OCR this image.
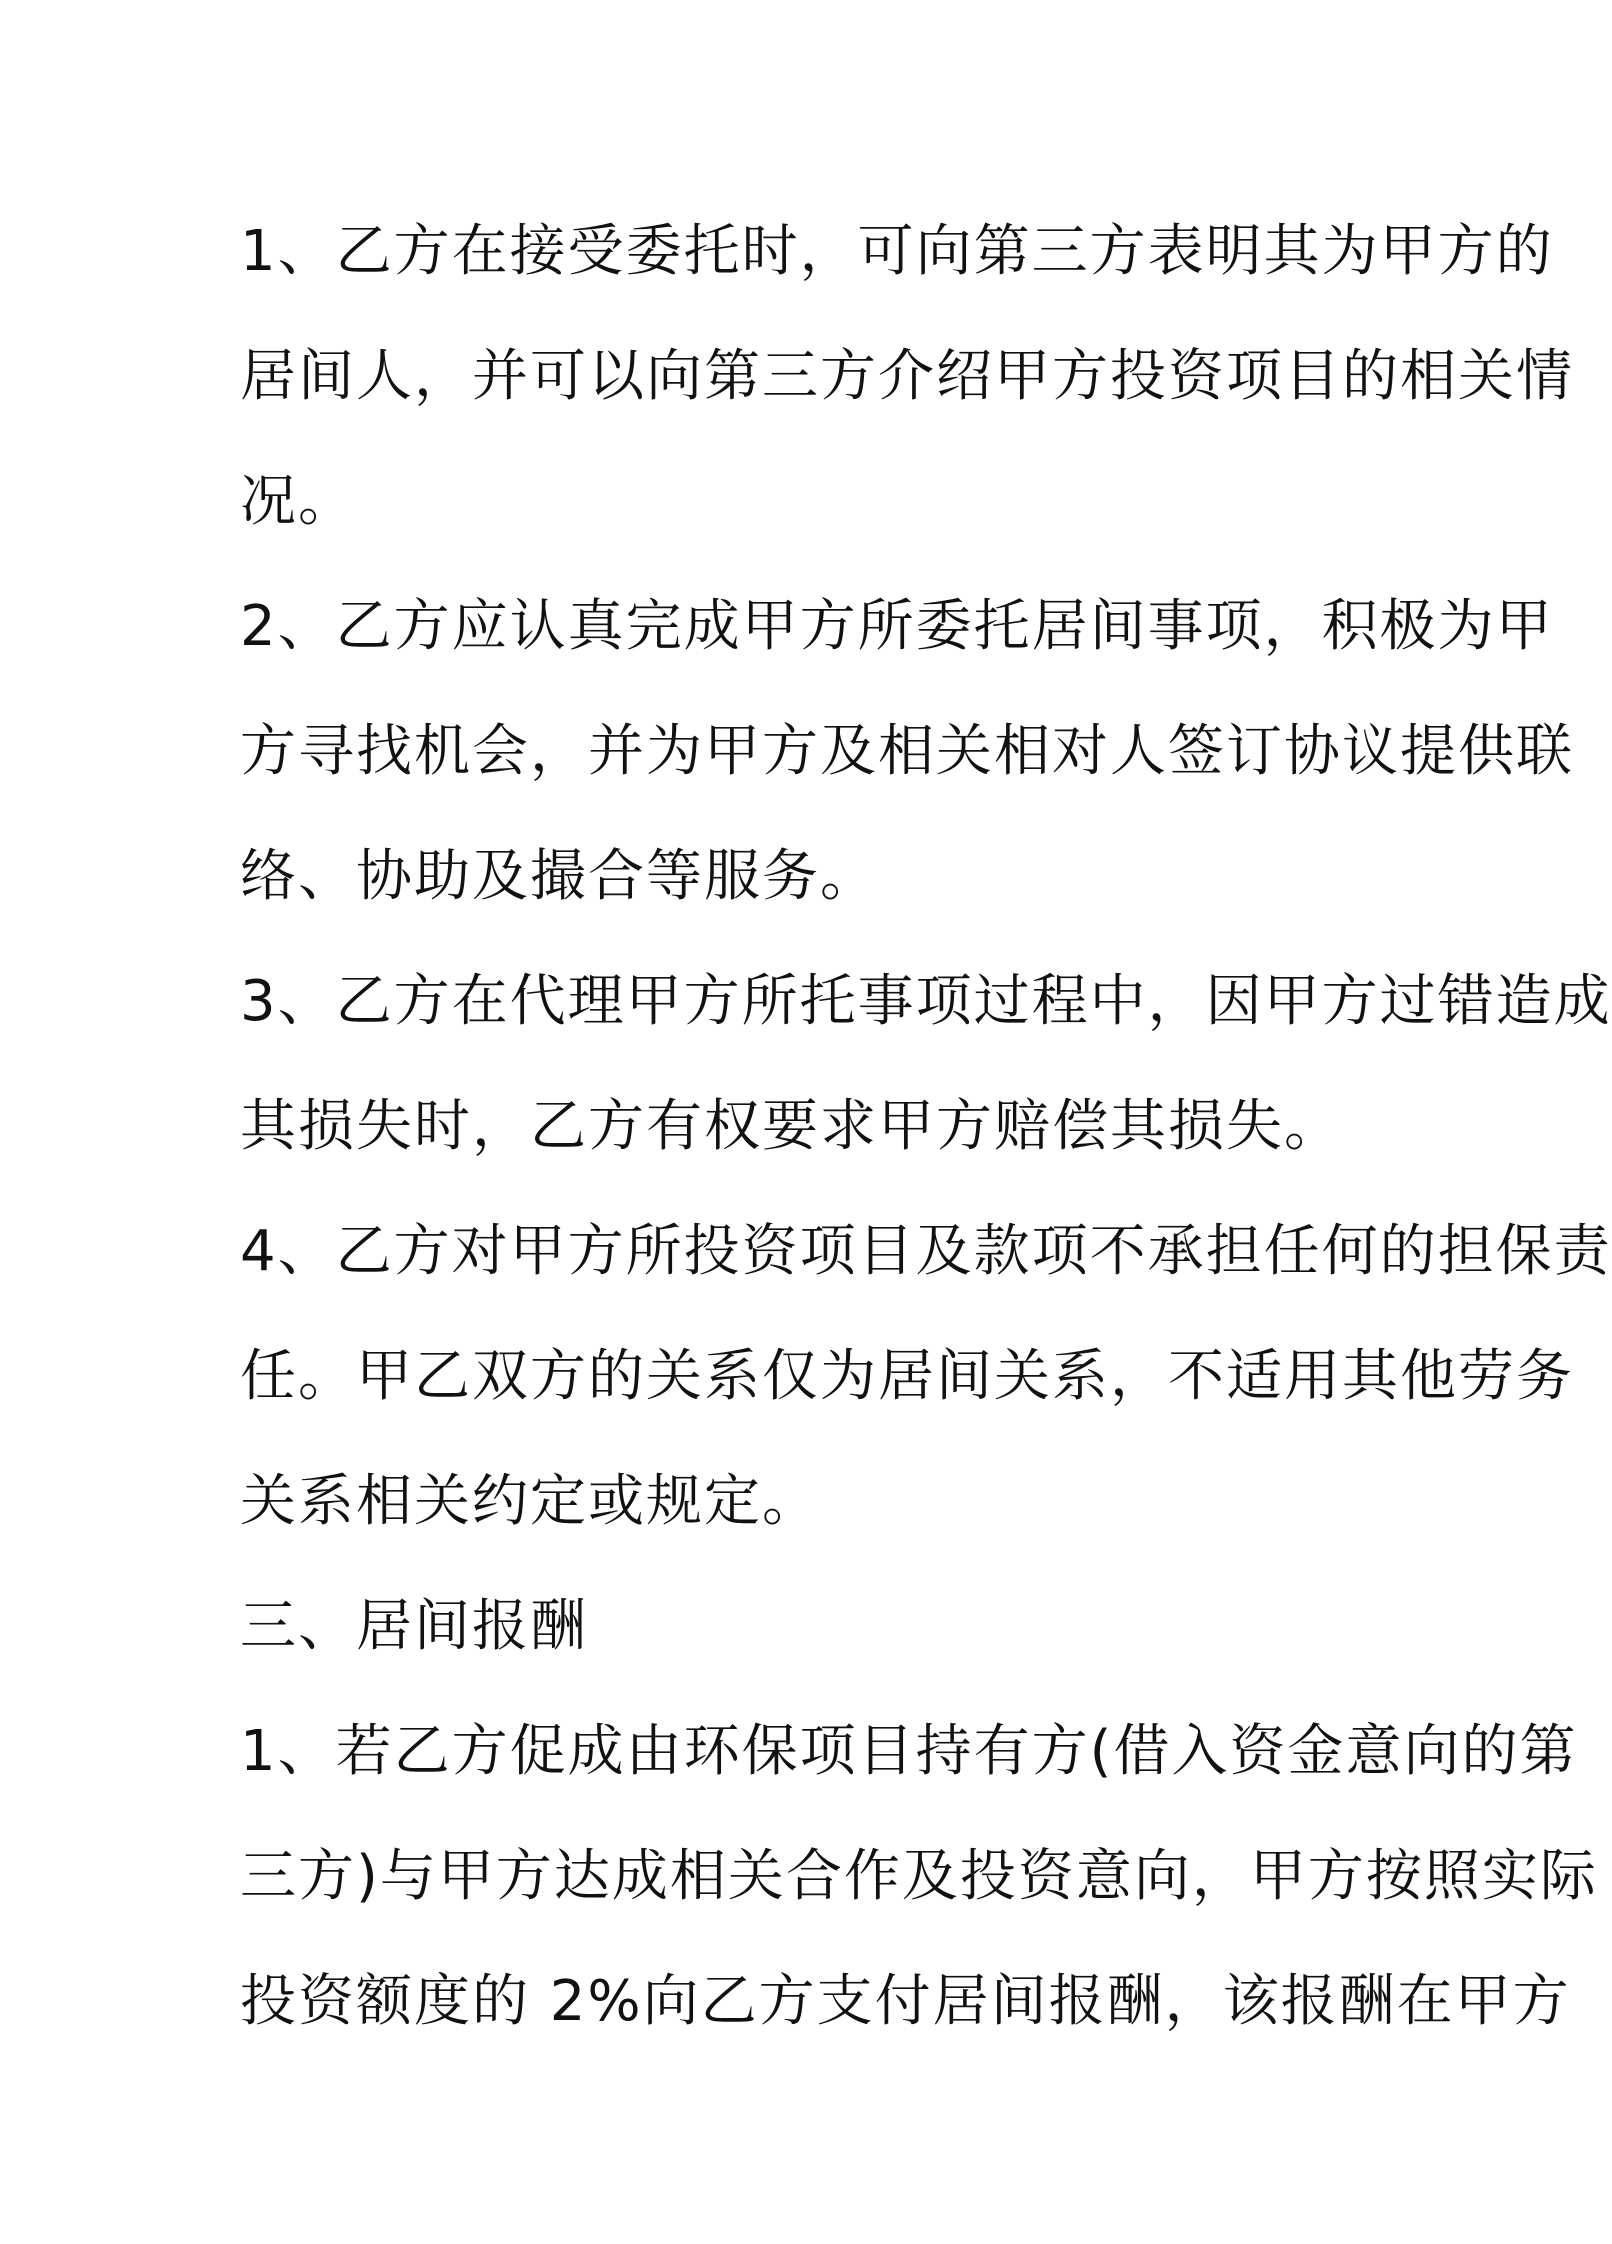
1、乙方在接受委托时，可向第三方表明其为甲方的
居间人，并可以向第三方介绍甲方投资项目的相关情
况。
2、乙方应认真完成甲方所委托居间事项，积极为甲
方寻找机会，并为甲方及相关相对人签订协议提供联
络、协助及撮合等服务。
3、乙方在代理甲方所托事项过程中，因甲方过错造成
其损失时，乙方有权要求甲方赔偿其损失。
4、乙方对甲方所投资项目及款项不承担任何的担保责
任。甲乙双方的关系仅为居间关系，不适用其他劳务
关系相关约定或规定。
三、居间报酬
1、若乙方促成由环保项目持有方(借入资金意向的第
三方)与甲方达成相关合作及投资意向，甲方按照实际
投资额度的 2%向乙方支付居间报酬，该报酬在甲方
